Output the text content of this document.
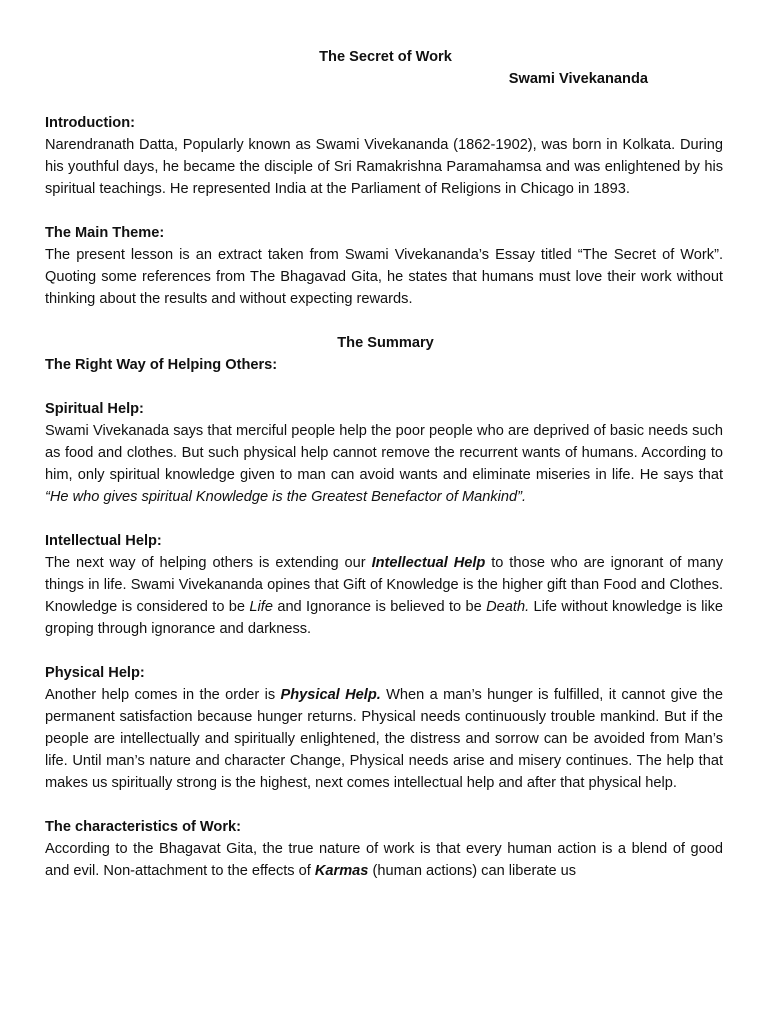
The Secret of Work

Swami Vivekananda

Introduction:

Narendranath Datta, Popularly known as Swami Vivekananda (1862-1902), was born in Kolkata. During his youthful days, he became the disciple of Sri Ramakrishna Paramahamsa and was enlightened by his spiritual teachings. He represented India at the Parliament of Religions in Chicago in 1893.

The Main Theme:

The present lesson is an extract taken from Swami Vivekananda’s Essay titled “The Secret of Work”. Quoting some references from The Bhagavad Gita, he states that humans must love their work without thinking about the results and without expecting rewards.

The Summary

The Right Way of Helping Others:

Spiritual Help:

Swami Vivekanada says that merciful people help the poor people who are deprived of basic needs such as food and clothes. But such physical help cannot remove the recurrent wants of humans. According to him, only spiritual knowledge given to man can avoid wants and eliminate miseries in life. He says that “He who gives spiritual Knowledge is the Greatest Benefactor of Mankind”.

Intellectual Help:

The next way of helping others is extending our Intellectual Help to those who are ignorant of many things in life. Swami Vivekananda opines that Gift of Knowledge is the higher gift than Food and Clothes. Knowledge is considered to be Life and Ignorance is believed to be Death. Life without knowledge is like groping through ignorance and darkness.

Physical Help:

Another help comes in the order is Physical Help. When a man’s hunger is fulfilled, it cannot give the permanent satisfaction because hunger returns. Physical needs continuously trouble mankind. But if the people are intellectually and spiritually enlightened, the distress and sorrow can be avoided from Man’s life. Until man’s nature and character Change, Physical needs arise and misery continues. The help that makes us spiritually strong is the highest, next comes intellectual help and after that physical help.

The characteristics of Work:

According to the Bhagavat Gita, the true nature of work is that every human action is a blend of good and evil. Non-attachment to the effects of Karmas (human actions) can liberate us
